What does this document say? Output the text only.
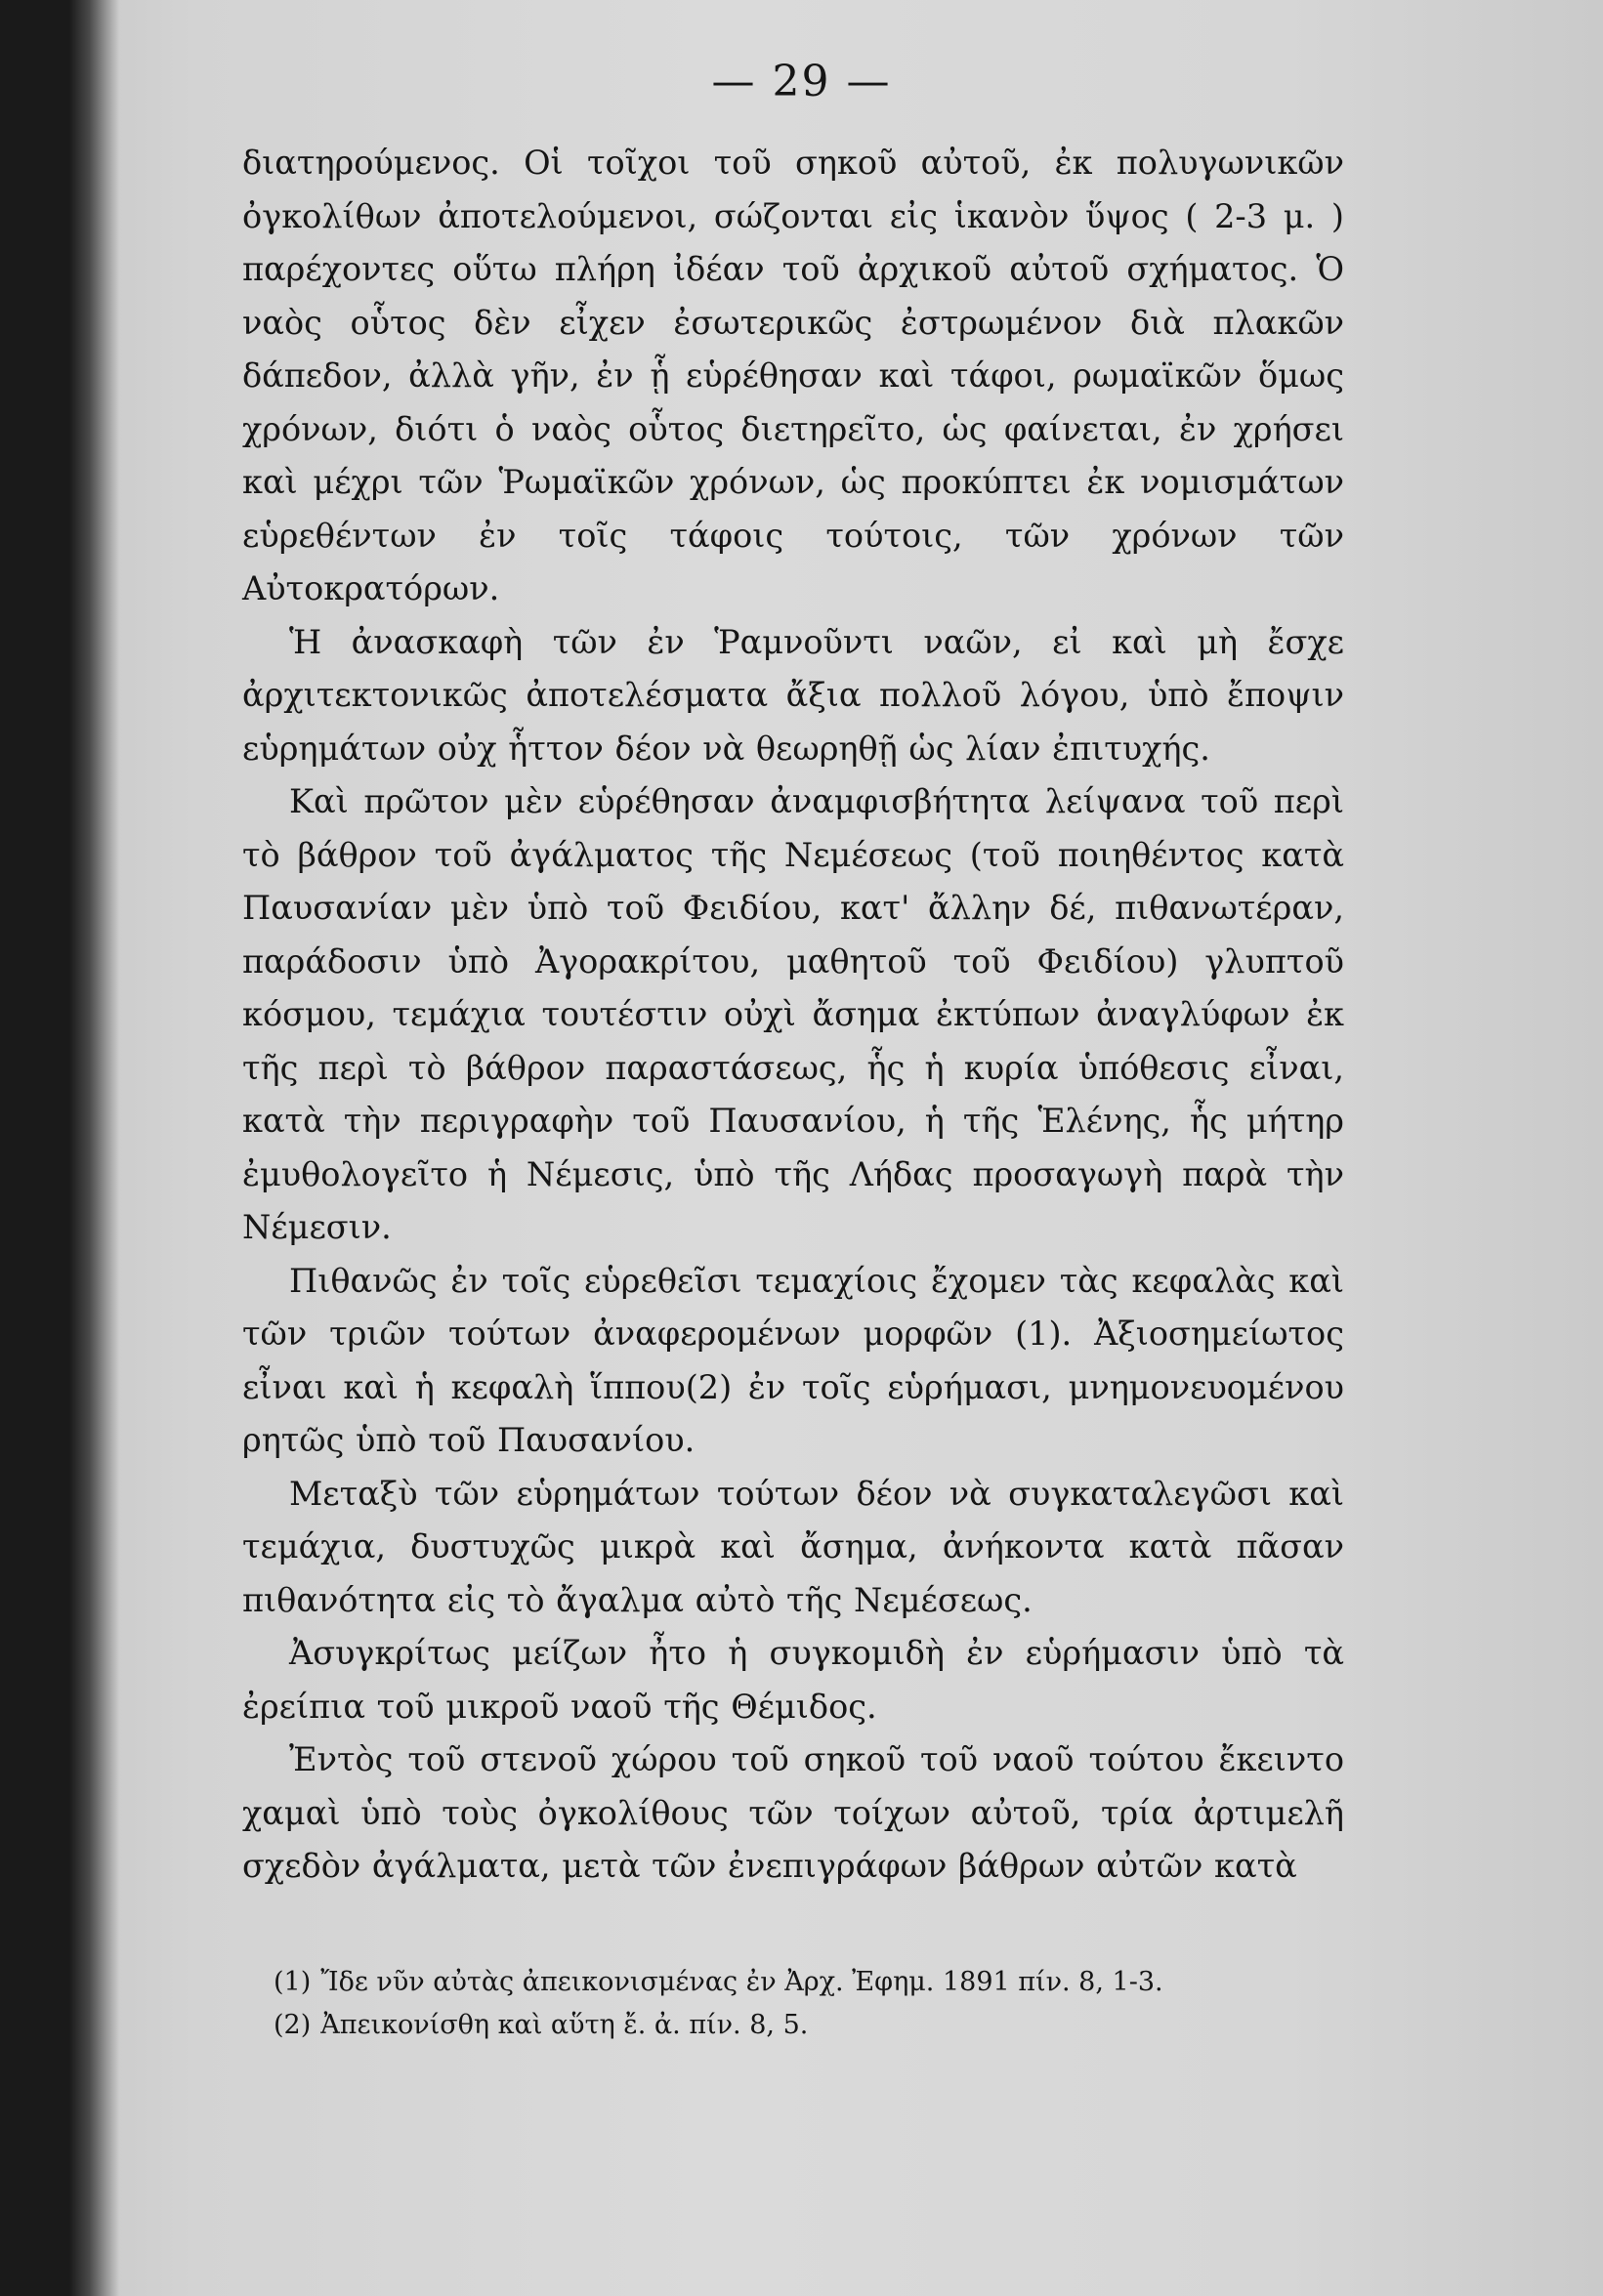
— 29 —

διατηρούμενος. Οἱ τοῖχοι τοῦ σηκοῦ αὐτοῦ, ἐκ πολυγωνικῶν ὀγκολίθων ἀποτελούμενοι, σώζονται εἰς ἱκανὸν ὕψος ( 2-3 μ. ) παρέχοντες οὕτω πλήρη ἰδέαν τοῦ ἀρχικοῦ αὐτοῦ σχήματος. Ὁ ναὸς οὗτος δὲν εἶχεν ἐσωτερικῶς ἐστρωμένον διὰ πλακῶν δάπεδον, ἀλλὰ γῆν, ἐν ᾗ εὑρέθησαν καὶ τάφοι, ρωμαϊκῶν ὅμως χρόνων, διότι ὁ ναὸς οὗτος διετηρεῖτο, ὡς φαίνεται, ἐν χρήσει καὶ μέχρι τῶν Ῥωμαϊκῶν χρόνων, ὡς προκύπτει ἐκ νομισμάτων εὑρεθέντων ἐν τοῖς τάφοις τούτοις, τῶν χρόνων τῶν Αὐτοκρατόρων.

Ἡ ἀνασκαφὴ τῶν ἐν Ῥαμνοῦντι ναῶν, εἰ καὶ μὴ ἔσχε ἀρχιτεκτονικῶς ἀποτελέσματα ἄξια πολλοῦ λόγου, ὑπὸ ἔποψιν εὑρημάτων οὐχ ἧττον δέον νὰ θεωρηθῇ ὡς λίαν ἐπιτυχής.

Καὶ πρῶτον μὲν εὑρέθησαν ἀναμφισβήτητα λείψανα τοῦ περὶ τὸ βάθρον τοῦ ἀγάλματος τῆς Νεμέσεως (τοῦ ποιηθέντος κατὰ Παυσανίαν μὲν ὑπὸ τοῦ Φειδίου, κατ' ἄλλην δέ, πιθανωτέραν, παράδοσιν ὑπὸ Ἀγορακρίτου, μαθητοῦ τοῦ Φειδίου) γλυπτοῦ κόσμου, τεμάχια τουτέστιν οὐχὶ ἄσημα ἐκτύπων ἀναγλύφων ἐκ τῆς περὶ τὸ βάθρον παραστάσεως, ἧς ἡ κυρία ὑπόθεσις εἶναι, κατὰ τὴν περιγραφὴν τοῦ Παυσανίου, ἡ τῆς Ἑλένης, ἧς μήτηρ ἐμυθολογεῖτο ἡ Νέμεσις, ὑπὸ τῆς Λήδας προσαγωγὴ παρὰ τὴν Νέμεσιν.

Πιθανῶς ἐν τοῖς εὑρεθεῖσι τεμαχίοις ἔχομεν τὰς κεφαλὰς καὶ τῶν τριῶν τούτων ἀναφερομένων μορφῶν (1). Ἀξιοσημείωτος εἶναι καὶ ἡ κεφαλὴ ἵππου(2) ἐν τοῖς εὑρήμασι, μνημονευομένου ρητῶς ὑπὸ τοῦ Παυσανίου.

Μεταξὺ τῶν εὑρημάτων τούτων δέον νὰ συγκαταλεγῶσι καὶ τεμάχια, δυστυχῶς μικρὰ καὶ ἄσημα, ἀνήκοντα κατὰ πᾶσαν πιθανότητα εἰς τὸ ἄγαλμα αὐτὸ τῆς Νεμέσεως.

Ἀσυγκρίτως μείζων ἦτο ἡ συγκομιδὴ ἐν εὑρήμασιν ὑπὸ τὰ ἐρείπια τοῦ μικροῦ ναοῦ τῆς Θέμιδος.

Ἐντὸς τοῦ στενοῦ χώρου τοῦ σηκοῦ τοῦ ναοῦ τούτου ἔκειντο χαμαὶ ὑπὸ τοὺς ὀγκολίθους τῶν τοίχων αὐτοῦ, τρία ἀρτιμελῆ σχεδὸν ἀγάλματα, μετὰ τῶν ἐνεπιγράφων βάθρων αὐτῶν κατὰ

(1) Ἴδε νῦν αὐτὰς ἀπεικονισμένας ἐν Ἀρχ. Ἐφημ. 1891 πίν. 8, 1-3.

(2) Ἀπεικονίσθη καὶ αὕτη ἔ. ἀ. πίν. 8, 5.
